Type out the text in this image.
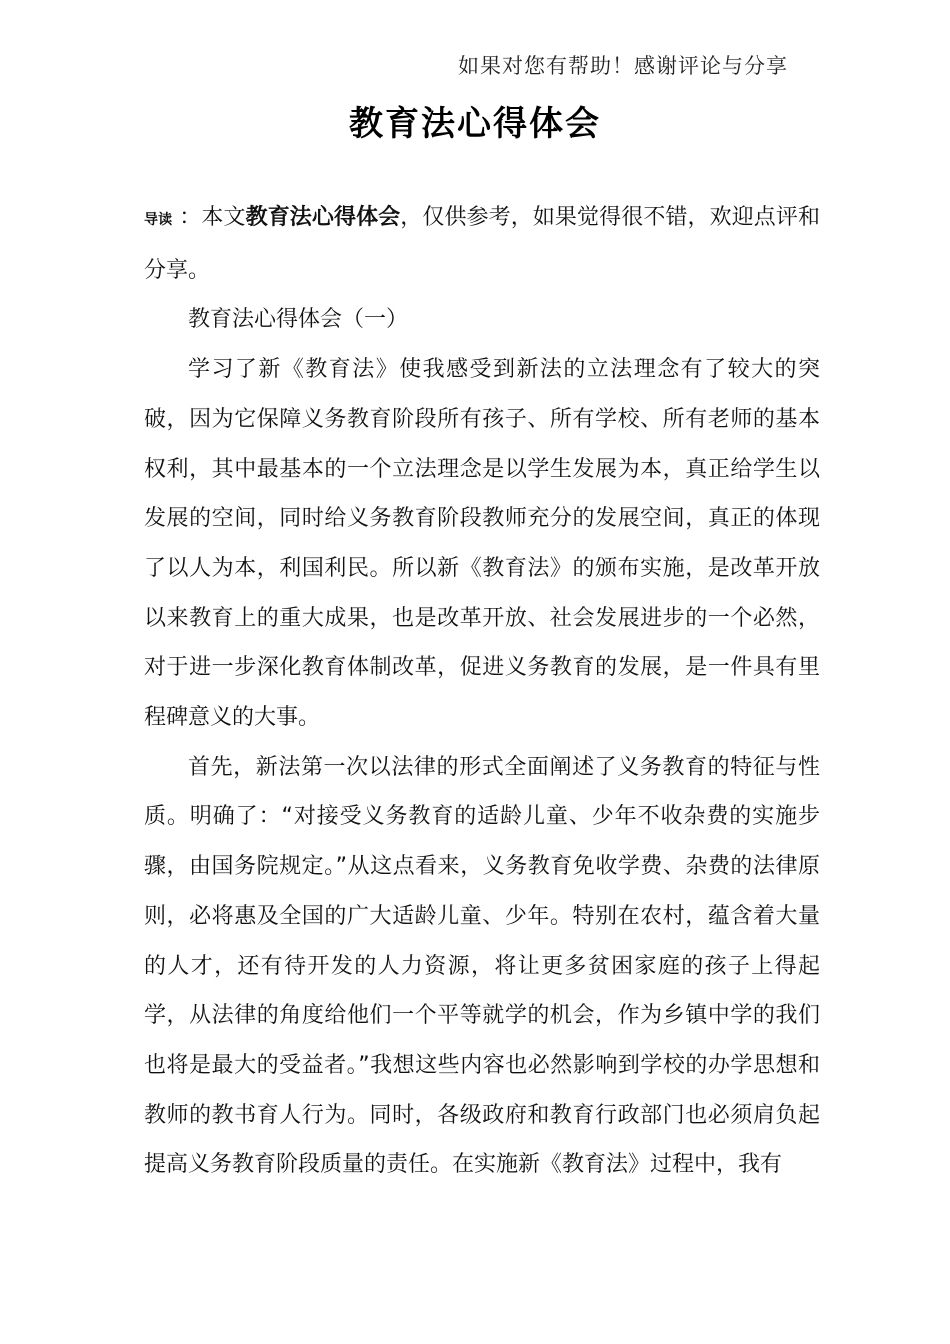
如果对您有帮助！感谢评论与分享
教育法心得体会

导读 ：本文教育法心得体会，仅供参考，如果觉得很不错，欢迎点评和分享。

教育法心得体会（一）

学习了新《教育法》使我感受到新法的立法理念有了较大的突破，因为它保障义务教育阶段所有孩子、所有学校、所有老师的基本权利，其中最基本的一个立法理念是以学生发展为本，真正给学生以发展的空间，同时给义务教育阶段教师充分的发展空间，真正的体现了以人为本，利国利民。所以新《教育法》的颁布实施，是改革开放以来教育上的重大成果，也是改革开放、社会发展进步的一个必然，对于进一步深化教育体制改革，促进义务教育的发展，是一件具有里程碑意义的大事。

首先，新法第一次以法律的形式全面阐述了义务教育的特征与性质。明确了：“对接受义务教育的适龄儿童、少年不收杂费的实施步骤，由国务院规定。”从这点看来，义务教育免收学费、杂费的法律原则，必将惠及全国的广大适龄儿童、少年。特别在农村，蕴含着大量的人才，还有待开发的人力资源，将让更多贫困家庭的孩子上得起学，从法律的角度给他们一个平等就学的机会，作为乡镇中学的我们也将是最大的受益者。”我想这些内容也必然影响到学校的办学思想和教师的教书育人行为。同时，各级政府和教育行政部门也必须肩负起提高义务教育阶段质量的责任。在实施新《教育法》过程中，我有
